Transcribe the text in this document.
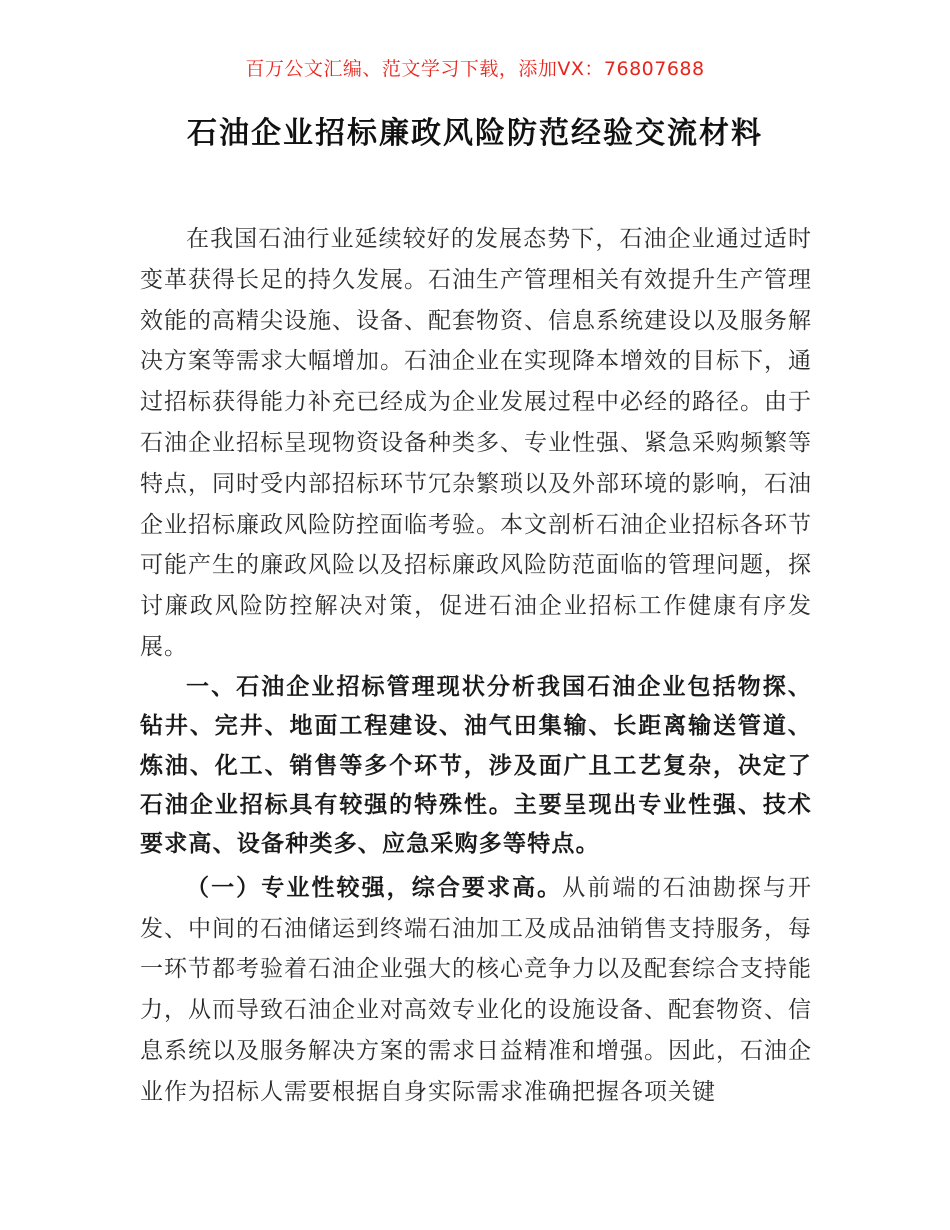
百万公文汇编、范文学习下载，添加VX：76807688
石油企业招标廉政风险防范经验交流材料

在我国石油行业延续较好的发展态势下，石油企业通过适时变革获得长足的持久发展。石油生产管理相关有效提升生产管理效能的高精尖设施、设备、配套物资、信息系统建设以及服务解决方案等需求大幅增加。石油企业在实现降本增效的目标下，通过招标获得能力补充已经成为企业发展过程中必经的路径。由于石油企业招标呈现物资设备种类多、专业性强、紧急采购频繁等特点，同时受内部招标环节冗杂繁琐以及外部环境的影响，石油企业招标廉政风险防控面临考验。本文剖析石油企业招标各环节可能产生的廉政风险以及招标廉政风险防范面临的管理问题，探讨廉政风险防控解决对策，促进石油企业招标工作健康有序发展。

一、石油企业招标管理现状分析我国石油企业包括物探、钻井、完井、地面工程建设、油气田集输、长距离输送管道、炼油、化工、销售等多个环节，涉及面广且工艺复杂，决定了石油企业招标具有较强的特殊性。主要呈现出专业性强、技术要求高、设备种类多、应急采购多等特点。

（一）专业性较强，综合要求高。从前端的石油勘探与开发、中间的石油储运到终端石油加工及成品油销售支持服务，每一环节都考验着石油企业强大的核心竞争力以及配套综合支持能力，从而导致石油企业对高效专业化的设施设备、配套物资、信息系统以及服务解决方案的需求日益精准和增强。因此，石油企业作为招标人需要根据自身实际需求准确把握各项关键
